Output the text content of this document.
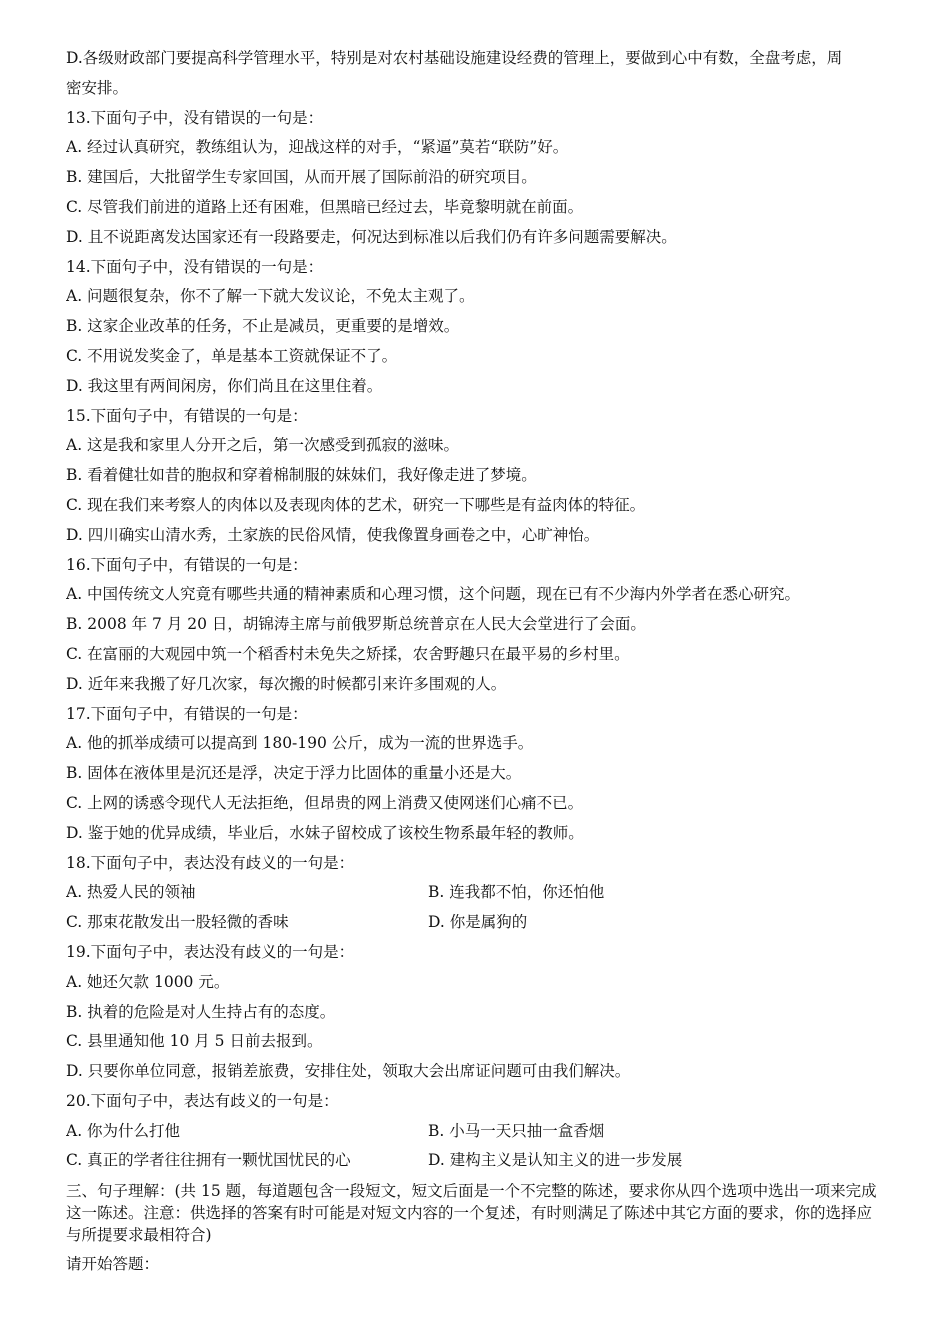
D.各级财政部门要提高科学管理水平，特别是对农村基础设施建设经费的管理上，要做到心中有数，全盘考虑，周
密安排。
13.下面句子中，没有错误的一句是：
A. 经过认真研究，教练组认为，迎战这样的对手，“紧逼”莫若“联防”好。
B. 建国后，大批留学生专家回国，从而开展了国际前沿的研究项目。
C. 尽管我们前进的道路上还有困难，但黑暗已经过去，毕竟黎明就在前面。
D. 且不说距离发达国家还有一段路要走，何况达到标准以后我们仍有许多问题需要解决。
14.下面句子中，没有错误的一句是：
A. 问题很复杂，你不了解一下就大发议论，不免太主观了。
B. 这家企业改革的任务，不止是减员，更重要的是增效。
C. 不用说发奖金了，单是基本工资就保证不了。
D. 我这里有两间闲房，你们尚且在这里住着。
15.下面句子中，有错误的一句是：
A. 这是我和家里人分开之后，第一次感受到孤寂的滋味。
B. 看着健壮如昔的胞叔和穿着棉制服的妹妹们，我好像走进了梦境。
C. 现在我们来考察人的肉体以及表现肉体的艺术，研究一下哪些是有益肉体的特征。
D. 四川确实山清水秀，土家族的民俗风情，使我像置身画卷之中，心旷神怡。
16.下面句子中，有错误的一句是：
A. 中国传统文人究竟有哪些共通的精神素质和心理习惯，这个问题，现在已有不少海内外学者在悉心研究。
B. 2008 年 7 月 20 日，胡锦涛主席与前俄罗斯总统普京在人民大会堂进行了会面。
C. 在富丽的大观园中筑一个稻香村未免失之矫揉，农舍野趣只在最平易的乡村里。
D. 近年来我搬了好几次家，每次搬的时候都引来许多围观的人。
17.下面句子中，有错误的一句是：
A. 他的抓举成绩可以提高到 180-190 公斤，成为一流的世界选手。
B. 固体在液体里是沉还是浮，决定于浮力比固体的重量小还是大。
C. 上网的诱惑令现代人无法拒绝，但昂贵的网上消费又使网迷们心痛不已。
D. 鉴于她的优异成绩，毕业后，水妹子留校成了该校生物系最年轻的教师。
18.下面句子中，表达没有歧义的一句是：
A. 热爱人民的领袖	B. 连我都不怕，你还怕他
C. 那束花散发出一股轻微的香味	D. 你是属狗的
19.下面句子中，表达没有歧义的一句是：
A. 她还欠款 1000 元。
B. 执着的危险是对人生持占有的态度。
C. 县里通知他 10 月 5 日前去报到。
D. 只要你单位同意，报销差旅费，安排住处，领取大会出席证问题可由我们解决。
20.下面句子中，表达有歧义的一句是：
A. 你为什么打他	B. 小马一天只抽一盒香烟
C. 真正的学者往往拥有一颗忧国忧民的心	D. 建构主义是认知主义的进一步发展
三、句子理解：(共 15 题，每道题包含一段短文，短文后面是一个不完整的陈述，要求你从四个选项中选出一项来完成这一陈述。注意：供选择的答案有时可能是对短文内容的一个复述，有时则满足了陈述中其它方面的要求，你的选择应与所提要求最相符合)
请开始答题：
